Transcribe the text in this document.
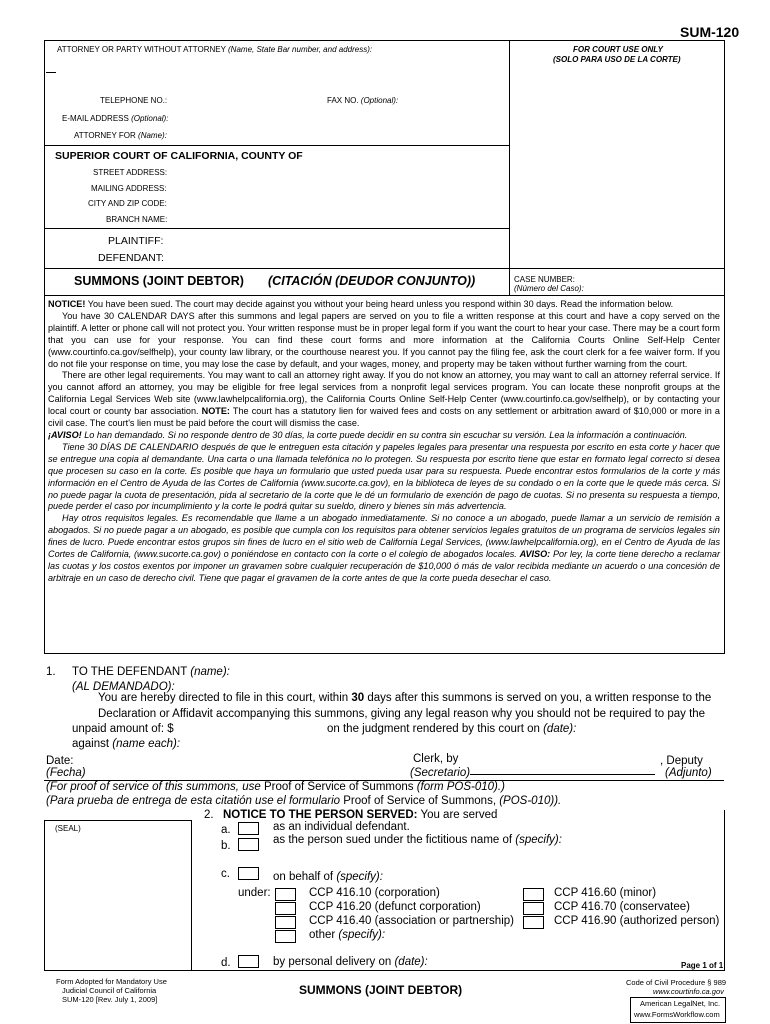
SUM-120
ATTORNEY OR PARTY WITHOUT ATTORNEY (Name, State Bar number, and address):	FOR COURT USE ONLY
(SOLO PARA USO DE LA CORTE)
TELEPHONE NO.:	FAX NO. (Optional):
E-MAIL ADDRESS (Optional):
ATTORNEY FOR (Name):
SUPERIOR COURT OF CALIFORNIA, COUNTY OF
STREET ADDRESS:
MAILING ADDRESS:
CITY AND ZIP CODE:
BRANCH NAME:
PLAINTIFF:
DEFENDANT:
SUMMONS (JOINT DEBTOR) (CITACIÓN (DEUDOR CONJUNTO))	CASE NUMBER:
(Número del Caso):

NOTICE! You have been sued. The court may decide against you without your being heard unless you respond within 30 days. Read the information below.

You have 30 CALENDAR DAYS after this summons and legal papers are served on you to file a written response at this court and have a copy served on the plaintiff. A letter or phone call will not protect you. Your written response must be in proper legal form if you want the court to hear your case. There may be a court form that you can use for your response. You can find these court forms and more information at the California Courts Online Self-Help Center (www.courtinfo.ca.gov/selfhelp), your county law library, or the courthouse nearest you. If you cannot pay the filing fee, ask the court clerk for a fee waiver form. If you do not file your response on time, you may lose the case by default, and your wages, money, and property may be taken without further warning from the court.

There are other legal requirements. You may want to call an attorney right away. If you do not know an attorney, you may want to call an attorney referral service. If you cannot afford an attorney, you may be eligible for free legal services from a nonprofit legal services program. You can locate these nonprofit groups at the California Legal Services Web site (www.lawhelpcalifornia.org), the California Courts Online Self-Help Center (www.courtinfo.ca.gov/selfhelp), or by contacting your local court or county bar association. NOTE: The court has a statutory lien for waived fees and costs on any settlement or arbitration award of $10,000 or more in a civil case. The court's lien must be paid before the court will dismiss the case.

¡AVISO! Lo han demandado. Si no responde dentro de 30 días, la corte puede decidir en su contra sin escuchar su versión. Lea la información a continuación.

Tiene 30 DÍAS DE CALENDARIO después de que le entreguen esta citación y papeles legales para presentar una respuesta por escrito en esta corte y hacer que se entregue una copia al demandante. Una carta o una llamada telefónica no lo protegen. Su respuesta por escrito tiene que estar en formato legal correcto si desea que procesen su caso en la corte. Es posible que haya un formulario que usted pueda usar para su respuesta. Puede encontrar estos formularios de la corte y más información en el Centro de Ayuda de las Cortes de California (www.sucorte.ca.gov), en la biblioteca de leyes de su condado o en la corte que le quede más cerca. Si no puede pagar la cuota de presentación, pida al secretario de la corte que le dé un formulario de exención de pago de cuotas. Si no presenta su respuesta a tiempo, puede perder el caso por incumplimiento y la corte le podrá quitar su sueldo, dinero y bienes sin más advertencia.

Hay otros requisitos legales. Es recomendable que llame a un abogado inmediatamente. Si no conoce a un abogado, puede llamar a un servicio de remisión a abogados. Si no puede pagar a un abogado, es posible que cumpla con los requisitos para obtener servicios legales gratuitos de un programa de servicios legales sin fines de lucro. Puede encontrar estos grupos sin fines de lucro en el sitio web de California Legal Services, (www.lawhelpcalifornia.org), en el Centro de Ayuda de las Cortes de California, (www.sucorte.ca.gov) o poniéndose en contacto con la corte o el colegio de abogados locales. AVISO: Por ley, la corte tiene derecho a reclamar las cuotas y los costos exentos por imponer un gravamen sobre cualquier recuperación de $10,000 ó más de valor recibida mediante un acuerdo o una concesión de arbitraje en un caso de derecho civil. Tiene que pagar el gravamen de la corte antes de que la corte pueda desechar el caso.

1. TO THE DEFENDANT (name):
(AL DEMANDADO):
You are hereby directed to file in this court, within 30 days after this summons is served on you, a written response to the
Declaration or Affidavit accompanying this summons, giving any legal reason why you should not be required to pay the
unpaid amount of: $	on the judgment rendered by this court on (date):
against (name each):
Date:
(Fecha)
Clerk, by
(Secretario)
, Deputy
(Adjunto)
(For proof of service of this summons, use Proof of Service of Summons (form POS-010).)
(Para prueba de entrega de esta citatión use el formulario Proof of Service of Summons, (POS-010)).
(SEAL)
2. NOTICE TO THE PERSON SERVED: You are served
a.	as an individual defendant.
b.	as the person sued under the fictitious name of (specify):
c.	on behalf of (specify):
under:	CCP 416.10 (corporation)
CCP 416.20 (defunct corporation)
CCP 416.40 (association or partnership)
other (specify):
CCP 416.60 (minor)
CCP 416.70 (conservatee)
CCP 416.90 (authorized person)
d.	by personal delivery on (date):	Page 1 of 1
Form Adopted for Mandatory Use
Judicial Council of California
SUM-120 [Rev. July 1, 2009]
SUMMONS (JOINT DEBTOR)
Code of Civil Procedure § 989
www.courtinfo.ca.gov
American LegalNet, Inc.
www.FormsWorkflow.com
